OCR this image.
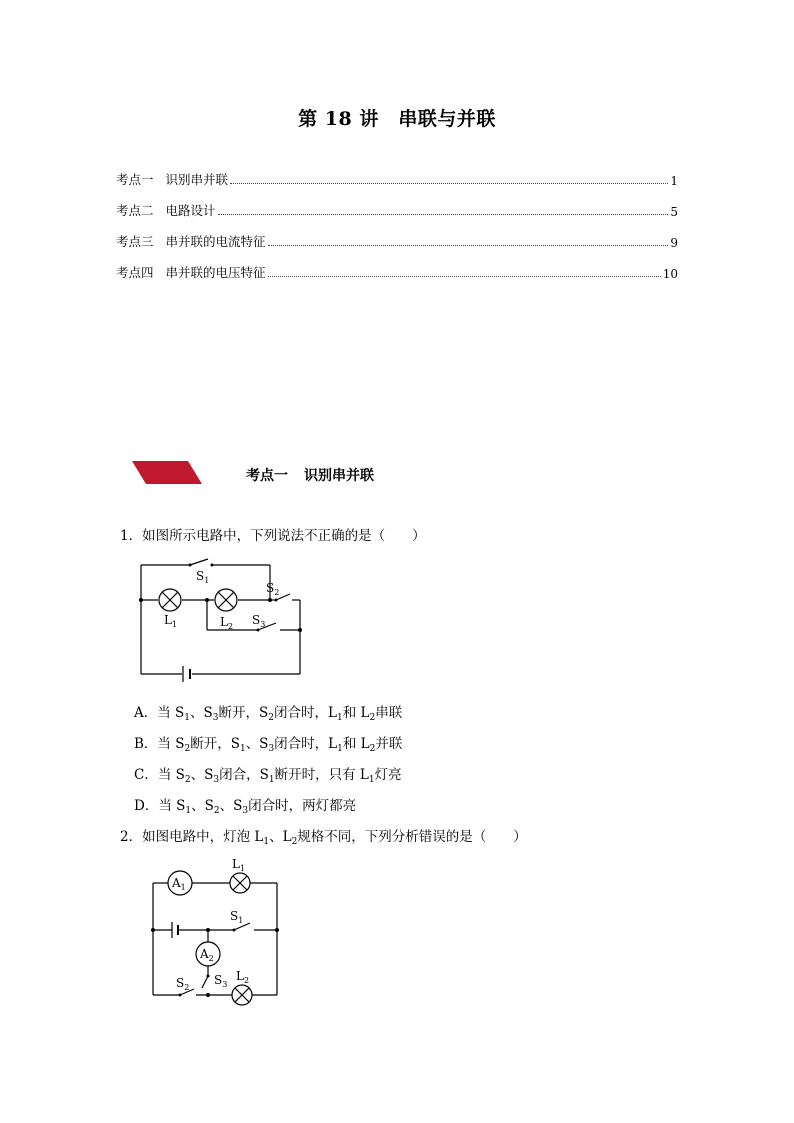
第 18 讲　串联与并联
考点一 识别串并联	1
考点二 电路设计	5
考点三 串并联的电流特征	9
考点四 串并联的电压特征	10
考点一 识别串并联
1．如图所示电路中，下列说法不正确的是（　　）
$S_1$
$S_2$
$S_3$
$L_1$	$L_2$
A．当 $S_1$、$S_3$断开，$S_2$闭合时，$L_1$和 $L_2$串联
B．当 $S_2$断开，$S_1$、$S_3$闭合时，$L_1$和 $L_2$并联
C．当 $S_2$、$S_3$闭合，$S_1$断开时，只有 $L_1$灯亮
D．当 $S_1$、$S_2$、$S_3$闭合时，两灯都亮
2．如图电路中，灯泡 $L_1$、$L_2$规格不同，下列分析错误的是（　　）
$A_1$
$L_1$
$S_1$
$A_2$
$S_2$
$S_3$
$L_2$
